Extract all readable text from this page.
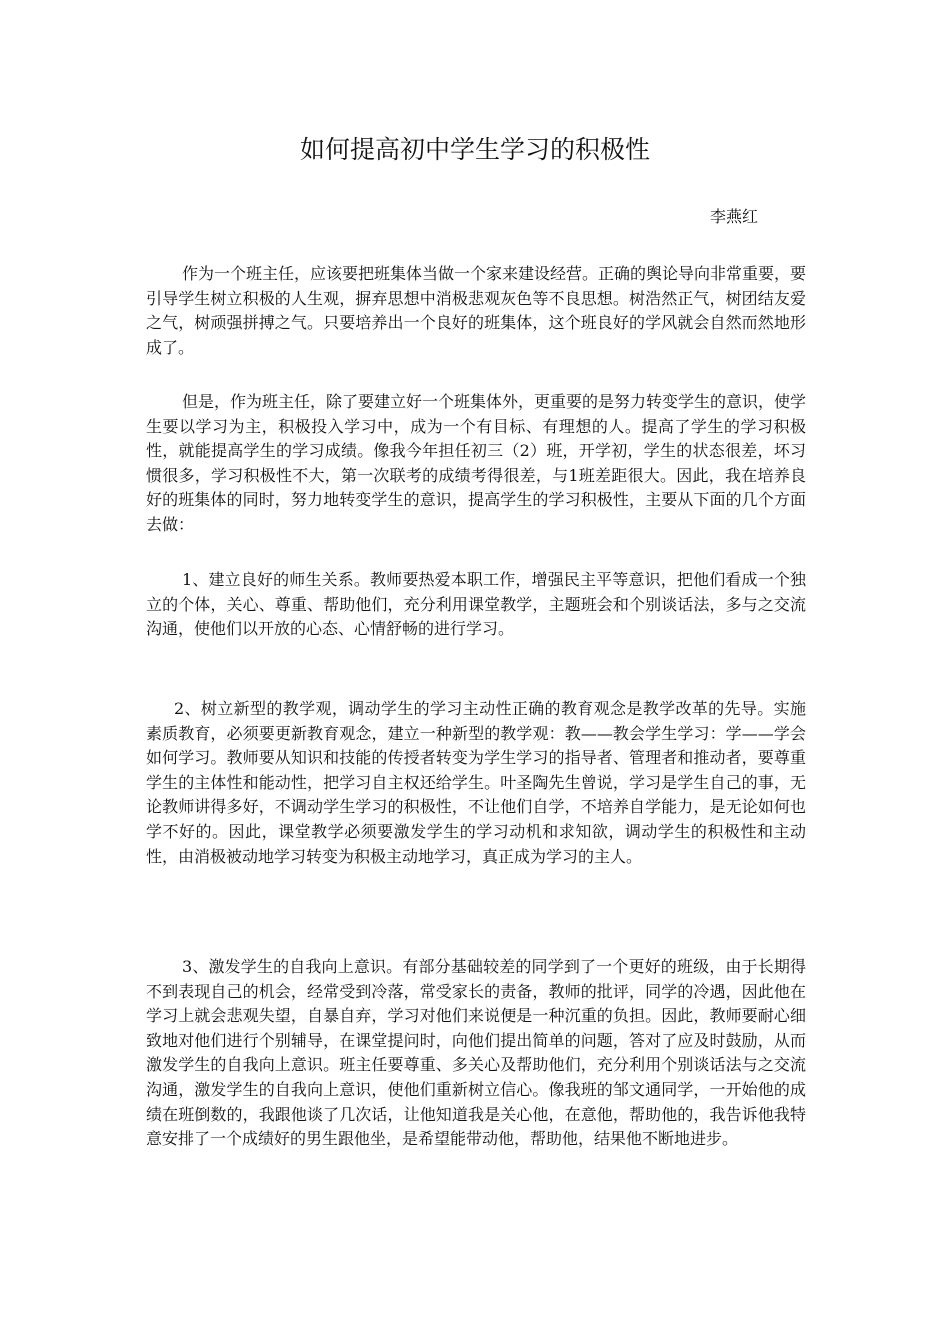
如何提高初中学生学习的积极性
李燕红

作为一个班主任，应该要把班集体当做一个家来建设经营。正确的舆论导向非常重要，要引导学生树立积极的人生观，摒弃思想中消极悲观灰色等不良思想。树浩然正气，树团结友爱之气，树顽强拼搏之气。只要培养出一个良好的班集体，这个班良好的学风就会自然而然地形成了。

但是，作为班主任，除了要建立好一个班集体外，更重要的是努力转变学生的意识，使学生要以学习为主，积极投入学习中，成为一个有目标、有理想的人。提高了学生的学习积极性，就能提高学生的学习成绩。像我今年担任初三（2）班，开学初，学生的状态很差，坏习惯很多，学习积极性不大，第一次联考的成绩考得很差，与1班差距很大。因此，我在培养良好的班集体的同时，努力地转变学生的意识，提高学生的学习积极性，主要从下面的几个方面去做：

1、建立良好的师生关系。教师要热爱本职工作，增强民主平等意识，把他们看成一个独立的个体，关心、尊重、帮助他们，充分利用课堂教学，主题班会和个别谈话法，多与之交流沟通，使他们以开放的心态、心情舒畅的进行学习。

2、树立新型的教学观，调动学生的学习主动性正确的教育观念是教学改革的先导。实施素质教育，必须要更新教育观念，建立一种新型的教学观：教——教会学生学习：学——学会如何学习。教师要从知识和技能的传授者转变为学生学习的指导者、管理者和推动者，要尊重学生的主体性和能动性，把学习自主权还给学生。叶圣陶先生曾说，学习是学生自己的事，无论教师讲得多好，不调动学生学习的积极性，不让他们自学，不培养自学能力，是无论如何也学不好的。因此，课堂教学必须要激发学生的学习动机和求知欲，调动学生的积极性和主动性，由消极被动地学习转变为积极主动地学习，真正成为学习的主人。

3、激发学生的自我向上意识。有部分基础较差的同学到了一个更好的班级，由于长期得不到表现自己的机会，经常受到冷落，常受家长的责备，教师的批评，同学的冷遇，因此他在学习上就会悲观失望，自暴自弃，学习对他们来说便是一种沉重的负担。因此，教师要耐心细致地对他们进行个别辅导，在课堂提问时，向他们提出简单的问题，答对了应及时鼓励，从而激发学生的自我向上意识。班主任要尊重、多关心及帮助他们，充分利用个别谈话法与之交流沟通，激发学生的自我向上意识，使他们重新树立信心。像我班的邹文通同学，一开始他的成绩在班倒数的，我跟他谈了几次话，让他知道我是关心他，在意他，帮助他的，我告诉他我特意安排了一个成绩好的男生跟他坐，是希望能带动他，帮助他，结果他不断地进步。
